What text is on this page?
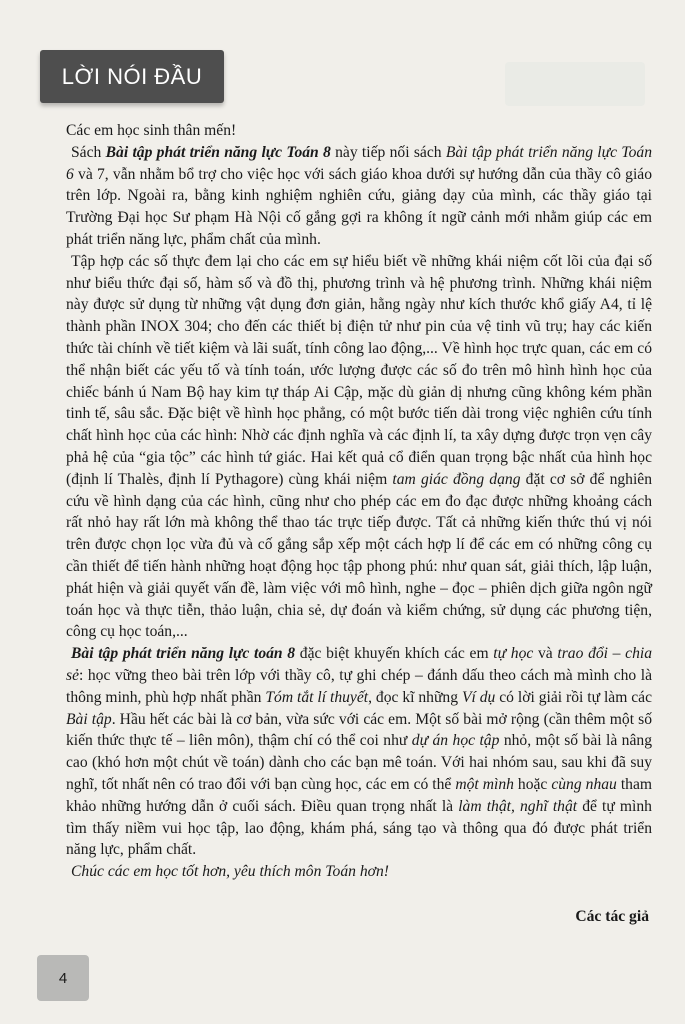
LỜI NÓI ĐẦU

Các em học sinh thân mến!

Sách Bài tập phát triển năng lực Toán 8 này tiếp nối sách Bài tập phát triển năng lực Toán 6 và 7, vẫn nhằm bổ trợ cho việc học với sách giáo khoa dưới sự hướng dẫn của thầy cô giáo trên lớp. Ngoài ra, bằng kinh nghiệm nghiên cứu, giảng dạy của mình, các thầy giáo tại Trường Đại học Sư phạm Hà Nội cố gắng gợi ra không ít ngữ cảnh mới nhằm giúp các em phát triển năng lực, phẩm chất của mình.

Tập hợp các số thực đem lại cho các em sự hiểu biết về những khái niệm cốt lõi của đại số như biểu thức đại số, hàm số và đồ thị, phương trình và hệ phương trình. Những khái niệm này được sử dụng từ những vật dụng đơn giản, hằng ngày như kích thước khổ giấy A4, tỉ lệ thành phần INOX 304; cho đến các thiết bị điện tử như pin của vệ tinh vũ trụ; hay các kiến thức tài chính về tiết kiệm và lãi suất, tính công lao động,... Về hình học trực quan, các em có thể nhận biết các yếu tố và tính toán, ước lượng được các số đo trên mô hình hình học của chiếc bánh ú Nam Bộ hay kim tự tháp Ai Cập, mặc dù giản dị nhưng cũng không kém phần tinh tế, sâu sắc. Đặc biệt về hình học phẳng, có một bước tiến dài trong việc nghiên cứu tính chất hình học của các hình: Nhờ các định nghĩa và các định lí, ta xây dựng được trọn vẹn cây phả hệ của “gia tộc” các hình tứ giác. Hai kết quả cổ điển quan trọng bậc nhất của hình học (định lí Thalès, định lí Pythagore) cùng khái niệm tam giác đồng dạng đặt cơ sở để nghiên cứu về hình dạng của các hình, cũng như cho phép các em đo đạc được những khoảng cách rất nhỏ hay rất lớn mà không thể thao tác trực tiếp được. Tất cả những kiến thức thú vị nói trên được chọn lọc vừa đủ và cố gắng sắp xếp một cách hợp lí để các em có những công cụ cần thiết để tiến hành những hoạt động học tập phong phú: như quan sát, giải thích, lập luận, phát hiện và giải quyết vấn đề, làm việc với mô hình, nghe – đọc – phiên dịch giữa ngôn ngữ toán học và thực tiễn, thảo luận, chia sẻ, dự đoán và kiểm chứng, sử dụng các phương tiện, công cụ học toán,...

Bài tập phát triển năng lực toán 8 đặc biệt khuyến khích các em tự học và trao đổi – chia sẻ: học vững theo bài trên lớp với thầy cô, tự ghi chép – đánh dấu theo cách mà mình cho là thông minh, phù hợp nhất phần Tóm tắt lí thuyết, đọc kĩ những Ví dụ có lời giải rồi tự làm các Bài tập. Hầu hết các bài là cơ bản, vừa sức với các em. Một số bài mở rộng (cần thêm một số kiến thức thực tế – liên môn), thậm chí có thể coi như dự án học tập nhỏ, một số bài là nâng cao (khó hơn một chút về toán) dành cho các bạn mê toán. Với hai nhóm sau, sau khi đã suy nghĩ, tốt nhất nên có trao đổi với bạn cùng học, các em có thể một mình hoặc cùng nhau tham khảo những hướng dẫn ở cuối sách. Điều quan trọng nhất là làm thật, nghĩ thật để tự mình tìm thấy niềm vui học tập, lao động, khám phá, sáng tạo và thông qua đó được phát triển năng lực, phẩm chất.

Chúc các em học tốt hơn, yêu thích môn Toán hơn!

Các tác giả
4
